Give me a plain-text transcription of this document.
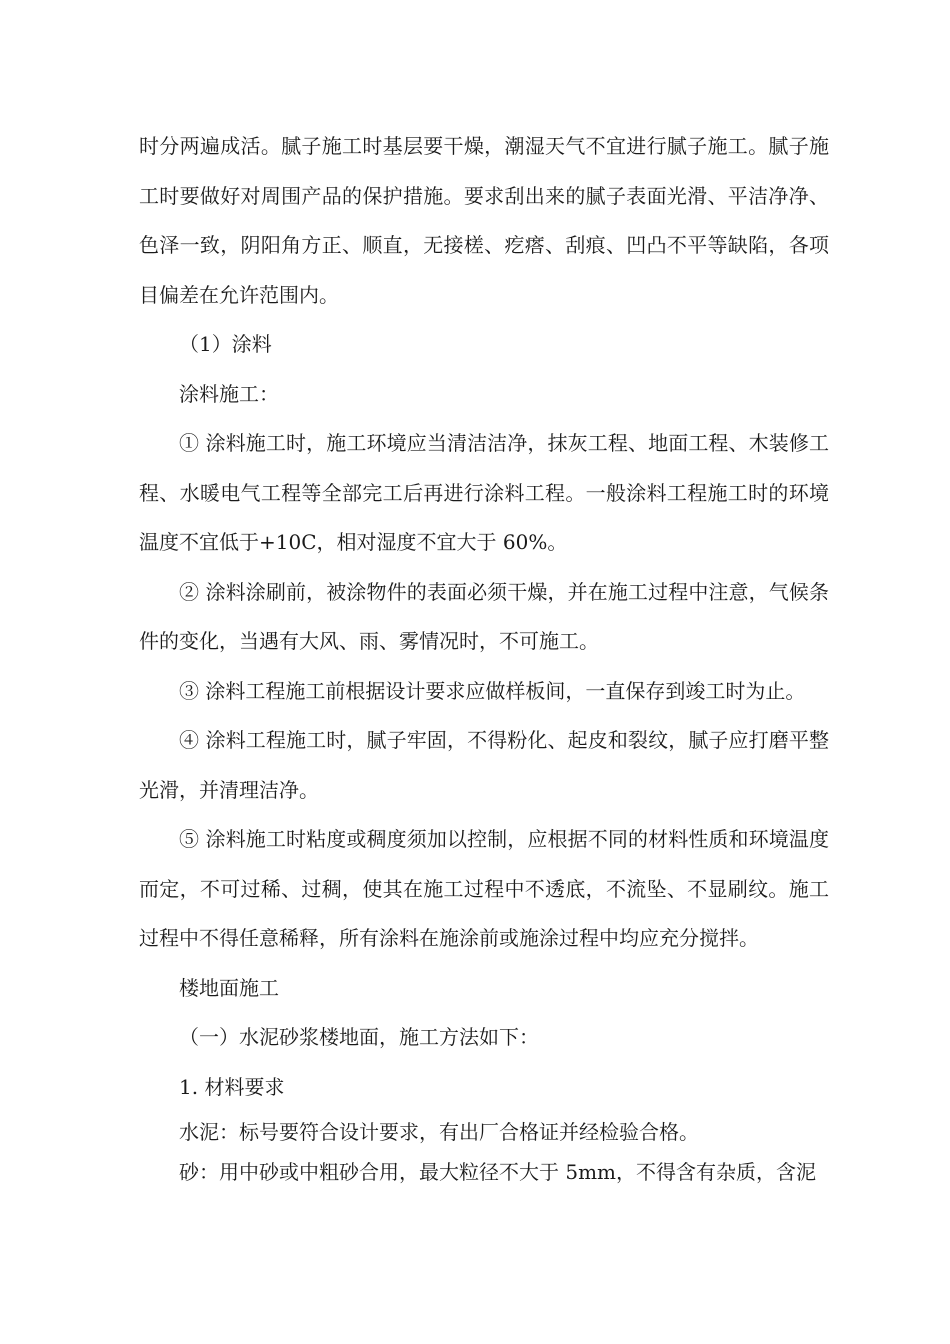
时分两遍成活。腻子施工时基层要干燥，潮湿天气不宜进行腻子施工。腻子施工时要做好对周围产品的保护措施。要求刮出来的腻子表面光滑、平洁净净、色泽一致，阴阳角方正、顺直，无接槎、疙瘩、刮痕、凹凸不平等缺陷，各项目偏差在允许范围内。

（1）涂料

涂料施工：

① 涂料施工时，施工环境应当清洁洁净，抹灰工程、地面工程、木装修工程、水暖电气工程等全部完工后再进行涂料工程。一般涂料工程施工时的环境温度不宜低于+10C，相对湿度不宜大于 60%。

② 涂料涂刷前，被涂物件的表面必须干燥，并在施工过程中注意，气候条件的变化，当遇有大风、雨、雾情况时，不可施工。

③ 涂料工程施工前根据设计要求应做样板间，一直保存到竣工时为止。

④ 涂料工程施工时，腻子牢固，不得粉化、起皮和裂纹，腻子应打磨平整光滑，并清理洁净。

⑤ 涂料施工时粘度或稠度须加以控制，应根据不同的材料性质和环境温度而定，不可过稀、过稠，使其在施工过程中不透底，不流坠、不显刷纹。施工过程中不得任意稀释，所有涂料在施涂前或施涂过程中均应充分搅拌。

楼地面施工

（一）水泥砂浆楼地面，施工方法如下：

1. 材料要求

水泥：标号要符合设计要求，有出厂合格证并经检验合格。

砂：用中砂或中粗砂合用，最大粒径不大于 5mm，不得含有杂质，含泥
